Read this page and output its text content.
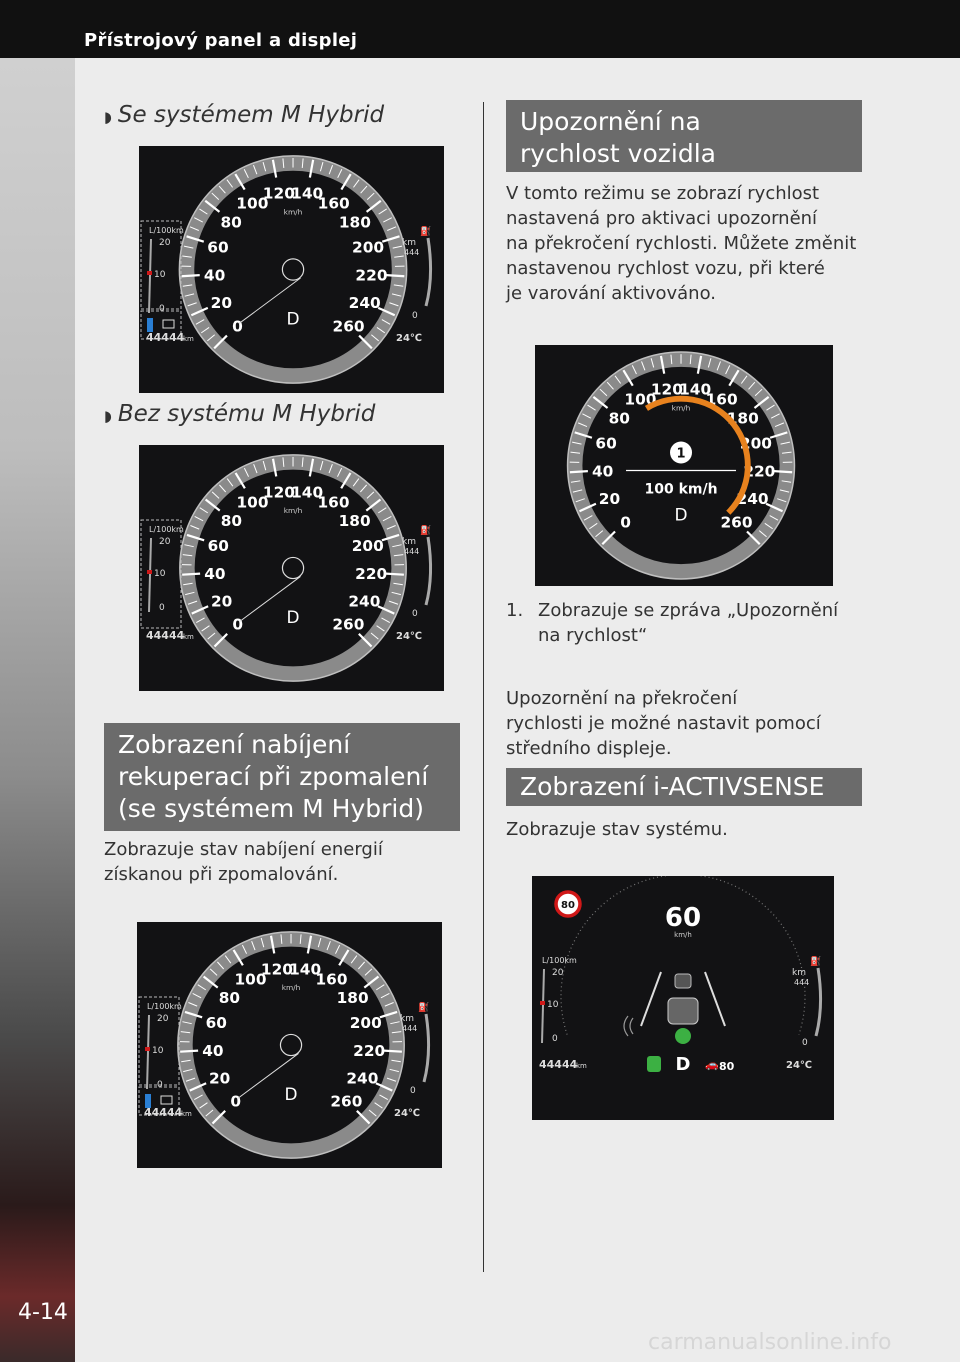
Přístrojový panel a displej
4-14
◗ Se systémem M Hybrid
0
20
40
60
80
100
120
140
160
180
200
220
240
260
km/h
D
L/100km
20
10
0
44444
km
⛽
km
444
0
24℃
◗ Bez systému M Hybrid
0
20
40
60
80
100
120
140
160
180
200
220
240
260
km/h
D
L/100km
20
10
0
44444
km
⛽
km
444
0
24℃
Zobrazení nabíjení
rekuperací při zpomalení
(se systémem M Hybrid)
Zobrazuje stav nabíjení energií
získanou při zpomalování.
0
20
40
60
80
100
120
140
160
180
200
220
240
260
km/h
D
L/100km
20
10
0
44444
km
⛽
km
444
0
24℃
Upozornění na
rychlost vozidla
V tomto režimu se zobrazí rychlost
nastavená pro aktivaci upozornění
na překročení rychlosti. Můžete změnit
nastavenou rychlost vozu, při které
je varování aktivováno.
0
20
40
60
80
100
120
140
160
180
200
220
240
260
km/h
D
1
100 km/h
1. Zobrazuje se zpráva „Upozornění
na rychlost“
Upozornění na překročení
rychlosti je možné nastavit pomocí
středního displeje.
Zobrazení i-ACTIVSENSE
Zobrazuje stav systému.
80	60
km/h
D 🚗 80
L/100km
20
10
0
44444
km
⛽
km
444
0
24℃
carmanualsonline.info
